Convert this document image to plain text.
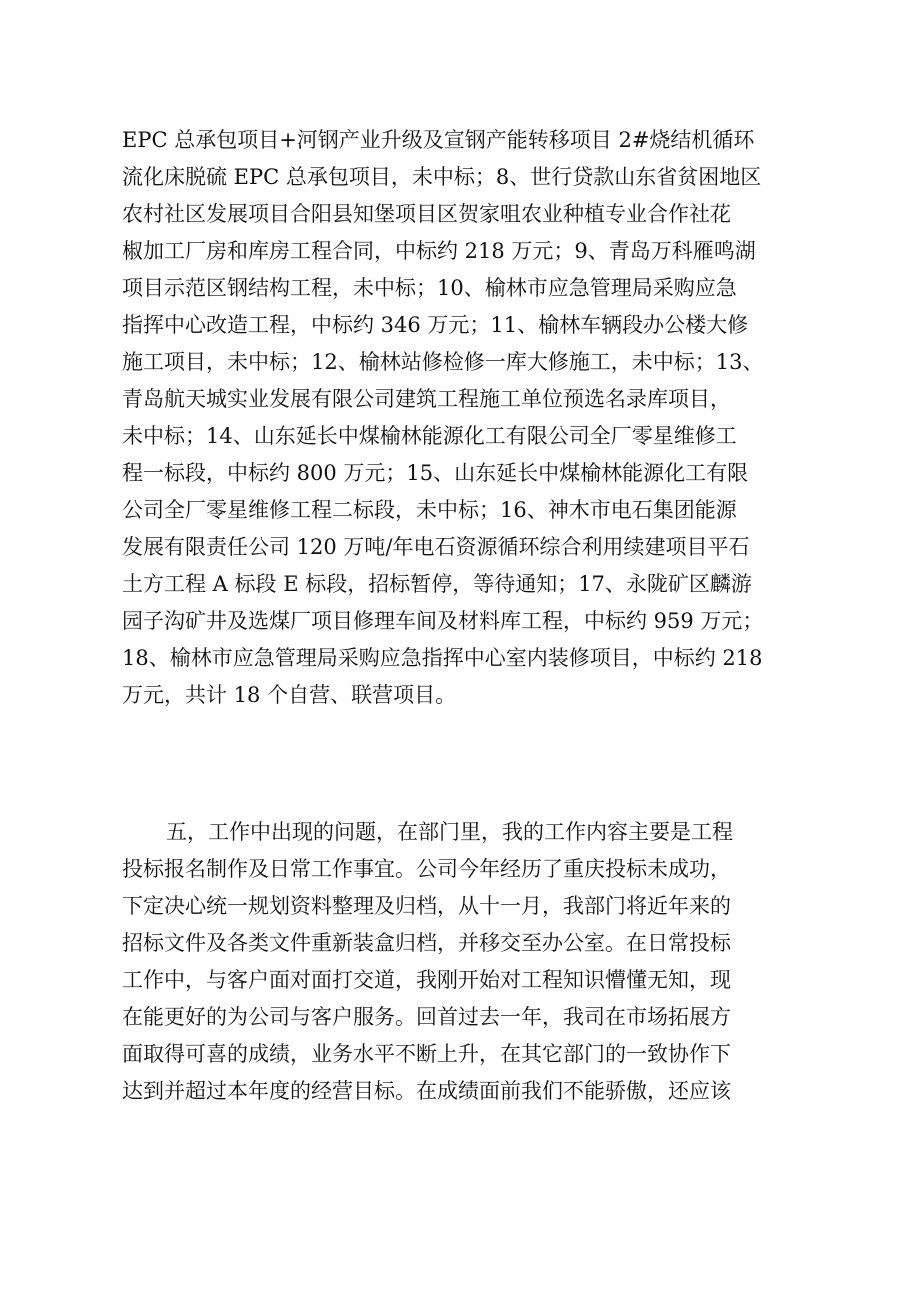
EPC 总承包项目+河钢产业升级及宣钢产能转移项目 2#烧结机循环
流化床脱硫 EPC 总承包项目，未中标；8、世行贷款山东省贫困地区
农村社区发展项目合阳县知堡项目区贺家咀农业种植专业合作社花
椒加工厂房和库房工程合同，中标约 218 万元；9、青岛万科雁鸣湖
项目示范区钢结构工程，未中标；10、榆林市应急管理局采购应急
指挥中心改造工程，中标约 346 万元；11、榆林车辆段办公楼大修
施工项目，未中标；12、榆林站修检修一库大修施工，未中标；13、
青岛航天城实业发展有限公司建筑工程施工单位预选名录库项目，
未中标；14、山东延长中煤榆林能源化工有限公司全厂零星维修工
程一标段，中标约 800 万元；15、山东延长中煤榆林能源化工有限
公司全厂零星维修工程二标段，未中标；16、神木市电石集团能源
发展有限责任公司 120 万吨/年电石资源循环综合利用续建项目平石
土方工程 A 标段 E 标段，招标暂停，等待通知；17、永陇矿区麟游
园子沟矿井及选煤厂项目修理车间及材料库工程，中标约 959 万元；
18、榆林市应急管理局采购应急指挥中心室内装修项目，中标约 218
万元，共计 18 个自营、联营项目。
五，工作中出现的问题，在部门里，我的工作内容主要是工程
投标报名制作及日常工作事宜。公司今年经历了重庆投标未成功，
下定决心统一规划资料整理及归档，从十一月，我部门将近年来的
招标文件及各类文件重新装盒归档，并移交至办公室。在日常投标
工作中，与客户面对面打交道，我刚开始对工程知识懵懂无知，现
在能更好的为公司与客户服务。回首过去一年，我司在市场拓展方
面取得可喜的成绩，业务水平不断上升，在其它部门的一致协作下
达到并超过本年度的经营目标。在成绩面前我们不能骄傲，还应该
